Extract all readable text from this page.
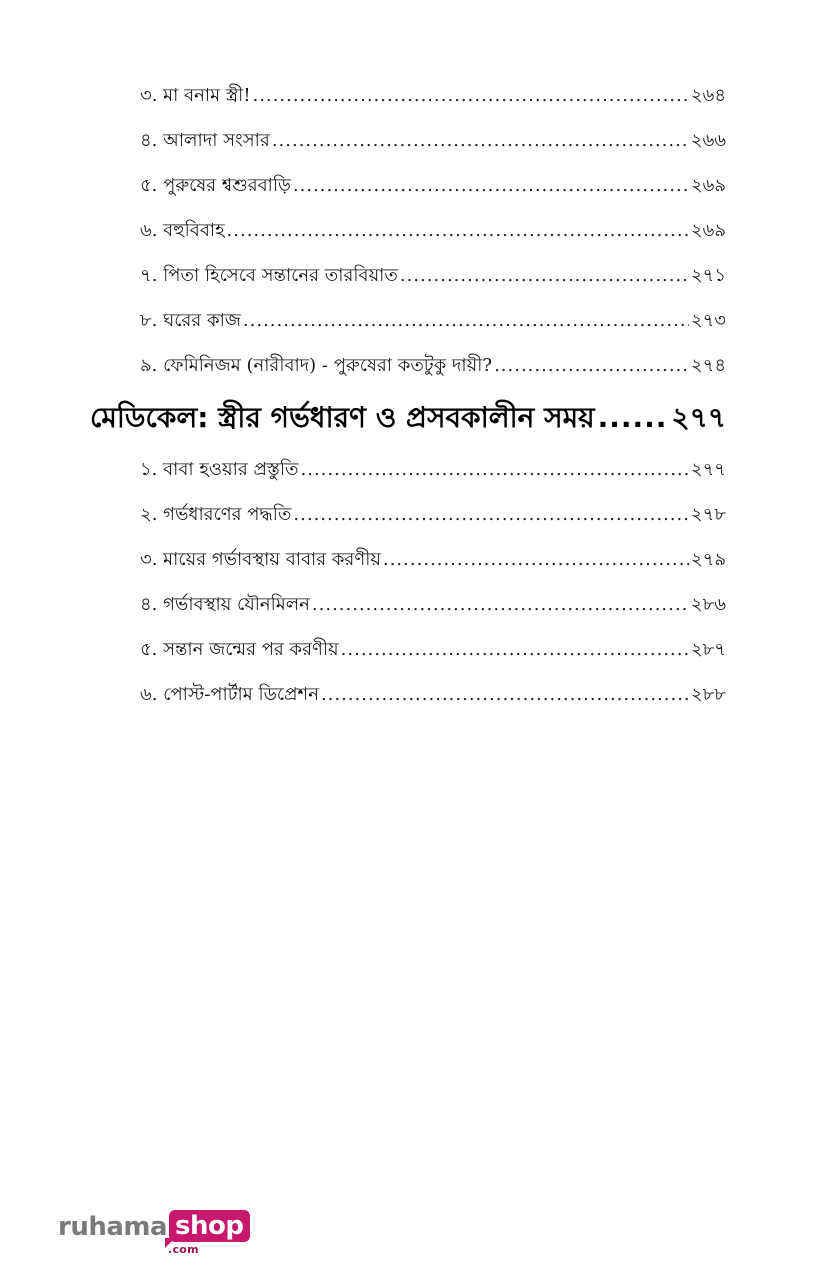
৩. মা বনাম স্ত্রী! .....	২৬৪
৪. আলাদা সংসার .....	২৬৬
৫. পুরুষের শ্বশুরবাড়ি .....	২৬৯
৬. বহুবিবাহ .....	২৬৯
৭. পিতা হিসেবে সন্তানের তারবিয়াত .....	২৭১
৮. ঘরের কাজ .....	২৭৩
৯. ফেমিনিজম (নারীবাদ) - পুরুষেরা কতটুকু দায়ী? .....	২৭৪
মেডিকেল: স্ত্রীর গর্ভধারণ ও প্রসবকালীন সময় .....	২৭৭
১. বাবা হওয়ার প্রস্তুতি .....	২৭৭
২. গর্ভধারণের পদ্ধতি .....	২৭৮
৩. মায়ের গর্ভাবস্থায় বাবার করণীয় .....	২৭৯
৪. গর্ভাবস্থায় যৌনমিলন .....	২৮৬
৫. সন্তান জন্মের পর করণীয় .....	২৮৭
৬. পোস্ট-পার্টাম ডিপ্রেশন .....	২৮৮
ruhama shop
.com
